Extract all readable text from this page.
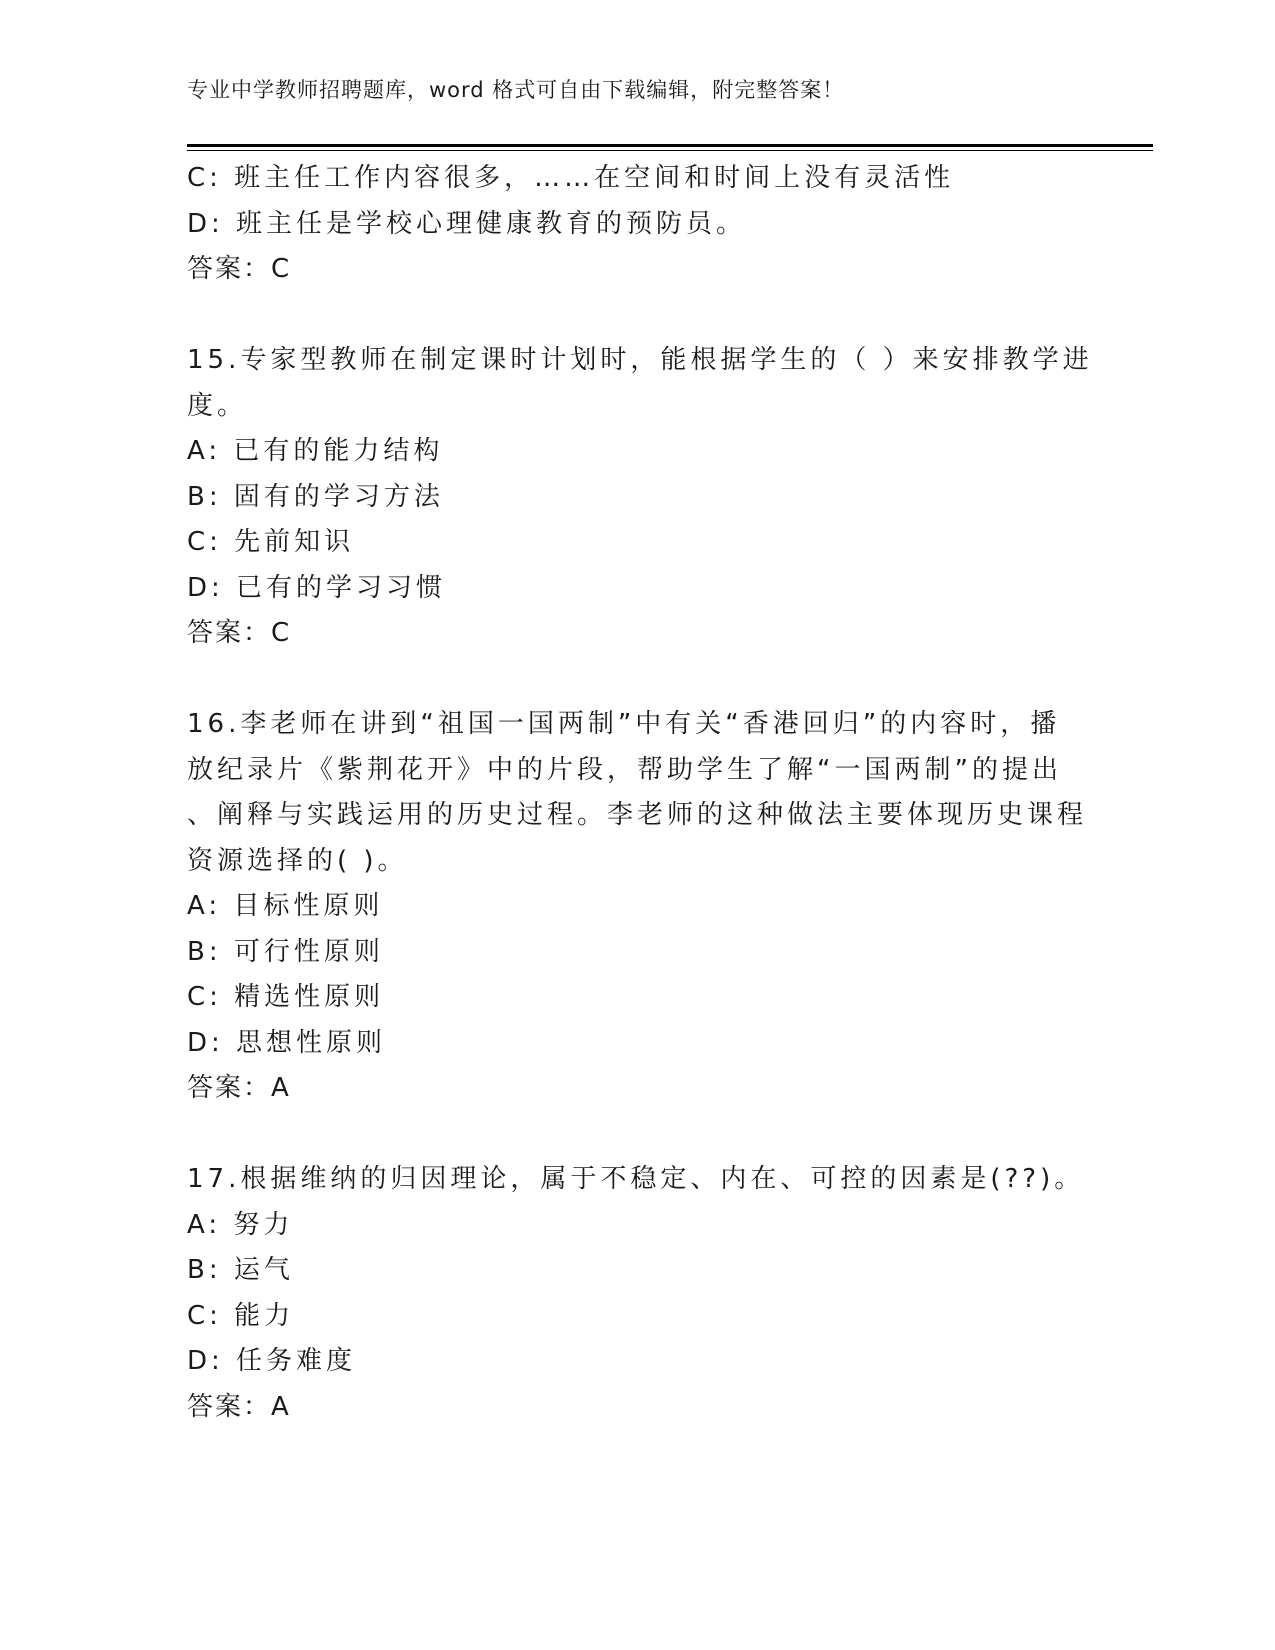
专业中学教师招聘题库，word 格式可自由下载编辑，附完整答案！
C: 班主任工作内容很多，……在空间和时间上没有灵活性
D: 班主任是学校心理健康教育的预防员。
答案：C
15.专家型教师在制定课时计划时，能根据学生的（ ）来安排教学进
度。
A: 已有的能力结构
B: 固有的学习方法
C: 先前知识
D: 已有的学习习惯
答案：C
16.李老师在讲到“祖国一国两制”中有关“香港回归”的内容时，播
放纪录片《紫荆花开》中的片段，帮助学生了解“一国两制”的提出
、阐释与实践运用的历史过程。李老师的这种做法主要体现历史课程
资源选择的( )。
A: 目标性原则
B: 可行性原则
C: 精选性原则
D: 思想性原则
答案：A
17.根据维纳的归因理论，属于不稳定、内在、可控的因素是(??)。
A: 努力
B: 运气
C: 能力
D: 任务难度
答案：A
